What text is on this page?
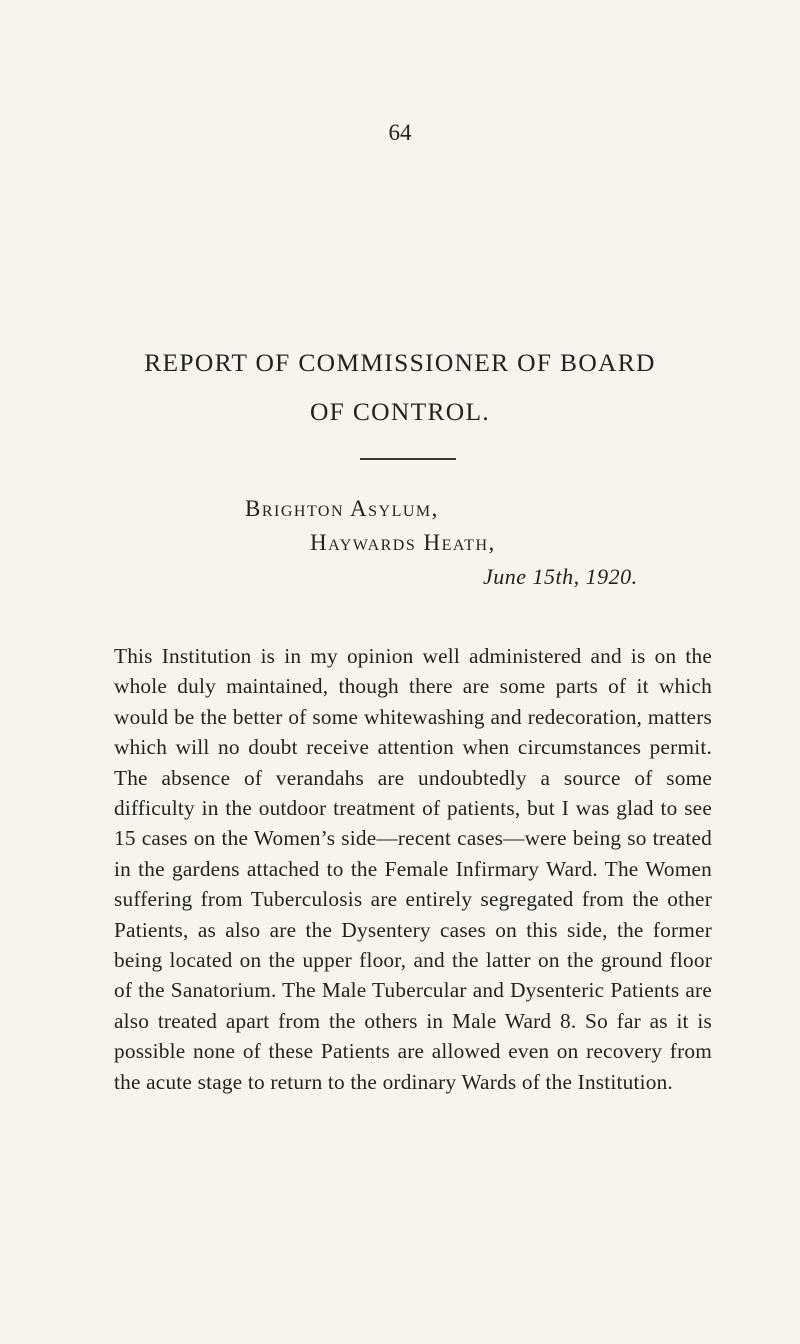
64
REPORT OF COMMISSIONER OF BOARD
OF CONTROL.
Brighton Asylum,
Haywards Heath,
June 15th, 1920.

This Institution is in my opinion well administered and is on the whole duly maintained, though there are some parts of it which would be the better of some whitewashing and redecoration, matters which will no doubt receive attention when circumstances permit. The absence of verandahs are undoubtedly a source of some difficulty in the outdoor treatment of patients, but I was glad to see 15 cases on the Women’s side—recent cases—were being so treated in the gardens attached to the Female Infirmary Ward. The Women suffering from Tuberculosis are entirely segregated from the other Patients, as also are the Dysentery cases on this side, the former being located on the upper floor, and the latter on the ground floor of the Sanatorium. The Male Tubercular and Dysenteric Patients are also treated apart from the others in Male Ward 8. So far as it is possible none of these Patients are allowed even on recovery from the acute stage to return to the ordinary Wards of the Institution.
